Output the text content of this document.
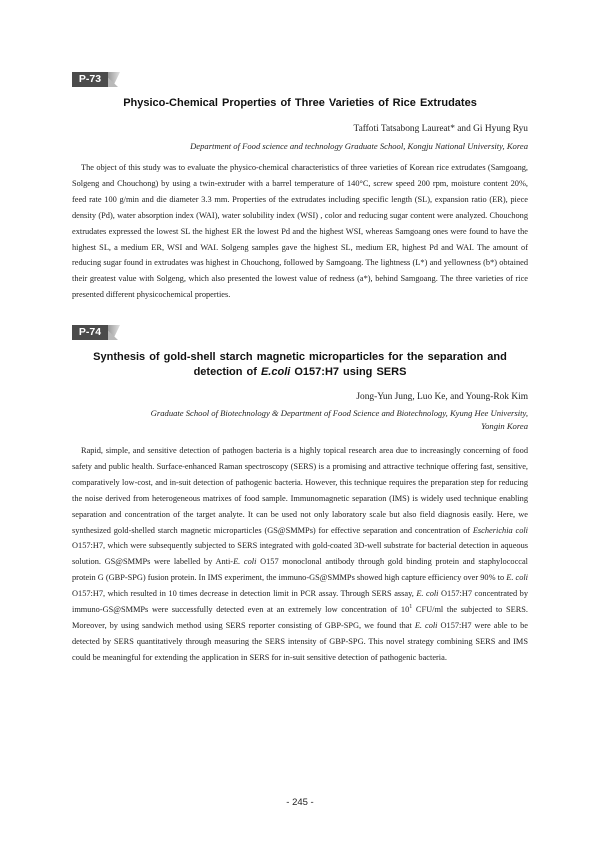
P-73
Physico-Chemical Properties of Three Varieties of Rice Extrudates
Taffoti Tatsabong Laureat* and Gi Hyung Ryu
Department of Food science and technology Graduate School, Kongju National University, Korea

The object of this study was to evaluate the physico-chemical characteristics of three varieties of Korean rice extrudates (Samgoang, Solgeng and Chouchong) by using a twin-extruder with a barrel temperature of 140°C, screw speed 200 rpm, moisture content 20%, feed rate 100 g/min and die diameter 3.3 mm. Properties of the extrudates including specific length (SL), expansion ratio (ER), piece density (Pd), water absorption index (WAI), water solubility index (WSI) , color and reducing sugar content were analyzed. Chouchong extrudates expressed the lowest SL the highest ER the lowest Pd and the highest WSI, whereas Samgoang ones were found to have the highest SL, a medium ER, WSI and WAI. Solgeng samples gave the highest SL, medium ER, highest Pd and WAI. The amount of reducing sugar found in extrudates was highest in Chouchong, followed by Samgoang. The lightness (L*) and yellowness (b*) obtained their greatest value with Solgeng, which also presented the lowest value of redness (a*), behind Samgoang. The three varieties of rice presented different physicochemical properties.

P-74
Synthesis of gold-shell starch magnetic microparticles for the separation and
detection of E.coli O157:H7 using SERS
Jong-Yun Jung, Luo Ke, and Young-Rok Kim
Graduate School of Biotechnology & Department of Food Science and Biotechnology, Kyung Hee University,
Yongin Korea

Rapid, simple, and sensitive detection of pathogen bacteria is a highly topical research area due to increasingly concerning of food safety and public health. Surface-enhanced Raman spectroscopy (SERS) is a promising and attractive technique offering fast, sensitive, comparatively low-cost, and in-suit detection of pathogenic bacteria. However, this technique requires the preparation step for reducing the noise derived from heterogeneous matrixes of food sample. Immunomagnetic separation (IMS) is widely used technique enabling separation and concentration of the target analyte. It can be used not only laboratory scale but also field diagnosis easily. Here, we synthesized gold-shelled starch magnetic microparticles (GS@SMMPs) for effective separation and concentration of Escherichia coli O157:H7, which were subsequently subjected to SERS integrated with gold-coated 3D-well substrate for bacterial detection in aqueous solution. GS@SMMPs were labelled by Anti-E. coli O157 monoclonal antibody through gold binding protein and staphylococcal protein G (GBP-SPG) fusion protein. In IMS experiment, the immuno-GS@SMMPs showed high capture efficiency over 90% to E. coli O157:H7, which resulted in 10 times decrease in detection limit in PCR assay. Through SERS assay, E. coli O157:H7 concentrated by immuno-GS@SMMPs were successfully detected even at an extremely low concentration of $10^1$ CFU/ml the subjected to SERS. Moreover, by using sandwich method using SERS reporter consisting of GBP-SPG, we found that E. coli O157:H7 were able to be detected by SERS quantitatively through measuring the SERS intensity of GBP-SPG. This novel strategy combining SERS and IMS could be meaningful for extending the application in SERS for in-suit sensitive detection of pathogenic bacteria.

- 245 -
